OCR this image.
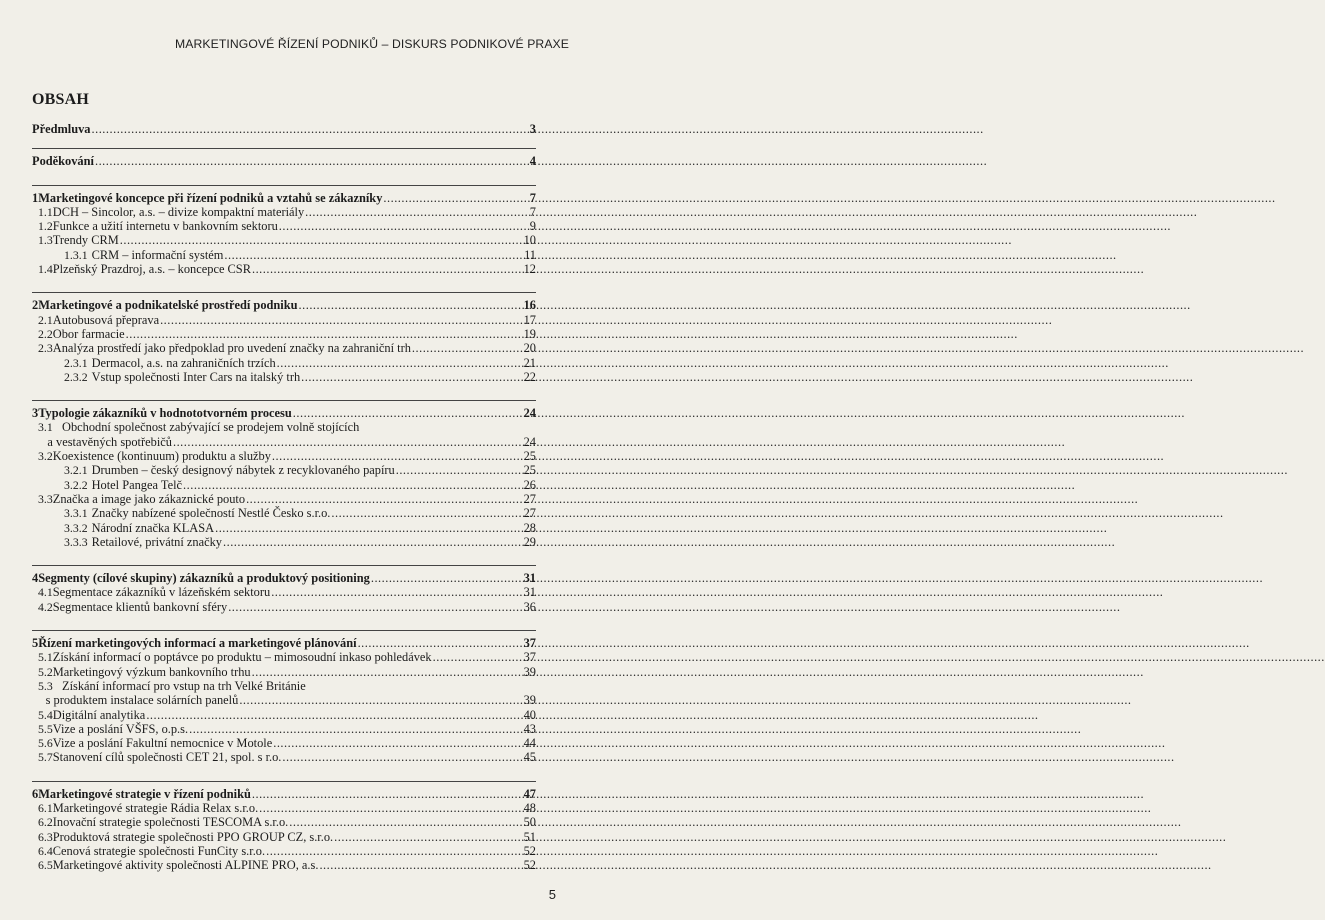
MARKETINGOVÉ ŘÍZENÍ PODNIKŮ – DISKURS PODNIKOVÉ PRAXE
OBSAH
Předmluva .....	3
Poděkování .....	4
1 Marketingové koncepce při řízení podniků a vztahů se zákazníky .....	7
1.1 DCH – Sincolor, a.s. – divize kompaktní materiály .....	7
1.2 Funkce a užití internetu v bankovním sektoru .....	9
1.3 Trendy CRM .....	10
1.3.1 CRM – informační systém .....	11
1.4 Plzeňský Prazdroj, a.s. – koncepce CSR .....	12
2 Marketingové a podnikatelské prostředí podniku .....	16
2.1 Autobusová přeprava .....	17
2.2 Obor farmacie .....	19
2.3 Analýza prostředí jako předpoklad pro uvedení značky na zahraniční trh .....	20
2.3.1 Dermacol, a.s. na zahraničních trzích .....	21
2.3.2 Vstup společnosti Inter Cars na italský trh .....	22
3 Typologie zákazníků v hodnototvorném procesu .....	24
3.1 Obchodní společnost zabývající se prodejem volně stojících
a vestavěných spotřebičů .....	24
3.2 Koexistence (kontinuum) produktu a služby .....	25
3.2.1 Drumben – český designový nábytek z recyklovaného papíru .....	25
3.2.2 Hotel Pangea Telč .....	26
3.3 Značka a image jako zákaznické pouto .....	27
3.3.1 Značky nabízené společností Nestlé Česko s.r.o. .....	27
3.3.2 Národní značka KLASA .....	28
3.3.3 Retailové, privátní značky .....	29
4 Segmenty (cílové skupiny) zákazníků a produktový positioning .....	31
4.1 Segmentace zákazníků v lázeňském sektoru .....	31
4.2 Segmentace klientů bankovní sféry .....	36
5 Řízení marketingových informací a marketingové plánování .....	37
5.1 Získání informací o poptávce po produktu – mimosoudní inkaso pohledávek .....	37
5.2 Marketingový výzkum bankovního trhu .....	39
5.3 Získání informací pro vstup na trh Velké Británie
s produktem instalace solárních panelů .....	39
5.4 Digitální analytika .....	40
5.5 Vize a poslání VŠFS, o.p.s. .....	43
5.6 Vize a poslání Fakultní nemocnice v Motole .....	44
5.7 Stanovení cílů společnosti CET 21, spol. s r.o. .....	45
6 Marketingové strategie v řízení podniků .....	47
6.1 Marketingové strategie Rádia Relax s.r.o. .....	48
6.2 Inovační strategie společnosti TESCOMA s.r.o. .....	50
6.3 Produktová strategie společnosti PPO GROUP CZ, s.r.o. .....	51
6.4 Cenová strategie společnosti FunCity s.r.o. .....	52
6.5 Marketingové aktivity společnosti ALPINE PRO, a.s. .....	52
5
